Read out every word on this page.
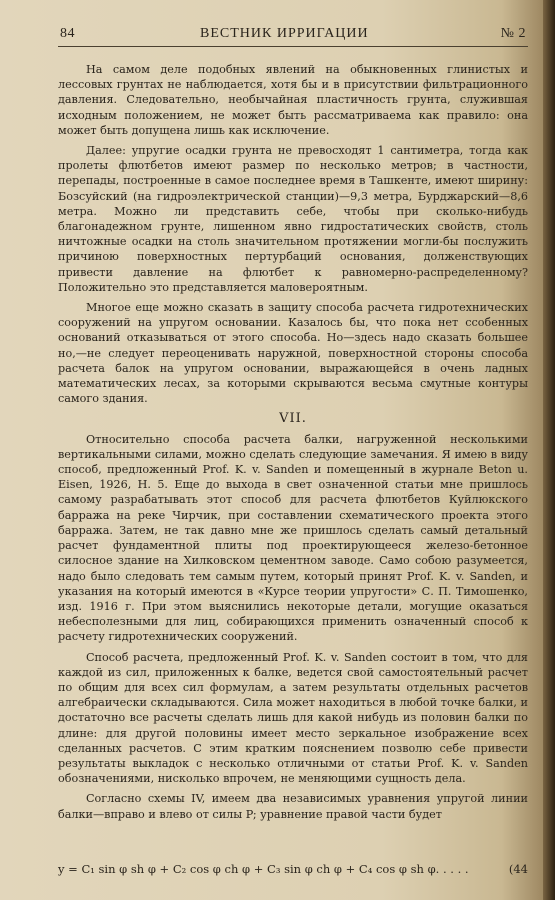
84	ВЕСТНИК ИРРИГАЦИИ	№ 2

На самом деле подобных явлений на обыкновенных глинистых и лессовых грунтах не наблюдается, хотя бы и в присутствии фильтрационного давления. Следовательно, необычайная пластичность грунта, служившая исходным положением, не может быть рассматриваема как правило: она может быть допущена лишь как исключение.

Далее: упругие осадки грунта не превосходят 1 сантиметра, тогда как пролеты флютбетов имеют размер по несколько метров; в частности, перепады, построенные в самое последнее время в Ташкенте, имеют ширину: Бозсуйский (на гидроэлектрической станции)—9,3 метра, Бурджарский—8,6 метра. Можно ли представить себе, чтобы при сколько-нибудь благонадежном грунте, лишенном явно гидростатических свойств, столь ничтожные осадки на столь значительном протяжении могли-бы послужить причиною поверхностных пертурбаций основания, долженствующих привести давление на флютбет к равномерно-распределенному? Положительно это представляется маловероятным.

Многое еще можно сказать в защиту способа расчета гидротехнических сооружений на упругом основании. Казалось бы, что пока нет ссобенных оснований отказываться от этого способа. Но—здесь надо сказать большее но,—не следует переоценивать наружной, поверхностной стороны способа расчета балок на упругом основании, выражающейся в очень ладных математических лесах, за которыми скрываются весьма смутные контуры самого здания.

VII.

Относительно способа расчета балки, нагруженной несколькими вертикальными силами, можно сделать следующие замечания. Я имею в виду способ, предложенный Prof. K. v. Sanden и помещенный в журнале Beton u. Eisen, 1926, H. 5. Еще до выхода в свет означенной статьи мне пришлось самому разрабатывать этот способ для расчета флютбетов Куйлюкского барража на реке Чирчик, при составлении схематического проекта этого барража. Затем, не так давно мне же пришлось сделать самый детальный расчет фундаментной плиты под проектирующееся железо-бетонное силосное здание на Хилковском цементном заводе. Само собою разумеется, надо было следовать тем самым путем, который принят Prof. K. v. Sanden, и указания на который имеются в «Курсе теории упругости» С. П. Тимошенко, изд. 1916 г. При этом выяснились некоторые детали, могущие оказаться небесполезными для лиц, собирающихся применить означенный способ к расчету гидротехнических сооружений.

Способ расчета, предложенный Prof. K. v. Sanden состоит в том, что для каждой из сил, приложенных к балке, ведется свой самостоятельный расчет по общим для всех сил формулам, а затем результаты отдельных расчетов алгебраически складываются. Сила может находиться в любой точке балки, и достаточно все расчеты сделать лишь для какой нибудь из половин балки по длине: для другой половины имеет место зеркальное изображение всех сделанных расчетов. С этим кратким пояснением позволю себе привести результаты выкладок с несколько отличными от статьи Prof. K. v. Sanden обозначениями, нисколько впрочем, не меняющими сущность дела.

Согласно схемы IV, имеем два независимых уравнения упругой линии балки—вправо и влево от силы P; уравнение правой части будет

y = C₁ sin φ sh φ + C₂ cos φ ch φ + C₃ sin φ ch φ + C₄ cos φ sh φ. . . . .	(44
